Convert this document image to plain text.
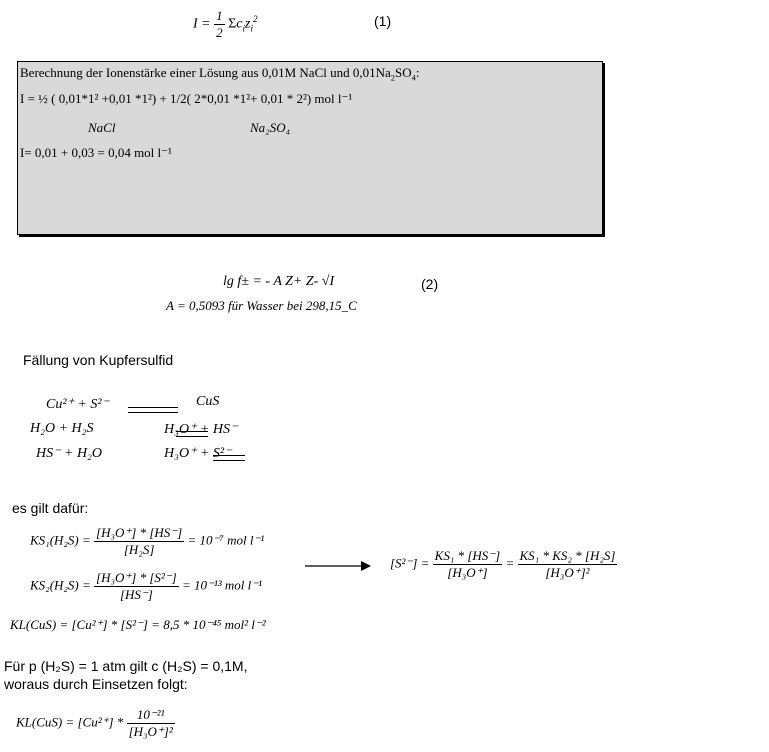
$I = \frac{1}{2} \Sigma c_iz_i^2$	(1)
Berechnung der Ionenstärke einer Lösung aus 0,01M NaCl und $0,01Na_2SO_4$:
I = ½ ( 0,01*1² +0,01 *1²) + 1/2( 2*0,01 *1²+ 0,01 * 2²) mol l⁻¹
NaCl	Na₂SO₄
I= 0,01 + 0,03 = 0,04 mol l⁻¹
lg f± = - A Z+ Z- √I	(2)
A = 0,5093 für Wasser bei 298,15_C
Fällung von Kupfersulfid
Cu²⁺ + S²⁻
	CuS
H₂O + H₂S
	H₃O⁺ + HS⁻
HS⁻ + H₂O	H₃O⁺ + S²⁻
es gilt dafür:
$KS_1(H_2S) = \frac{\text{[H₃O⁺] * [HS⁻]}}{\text{[H₂S]}} = 10^{-7}$ mol l⁻¹
$KS_2(H_2S) = \frac{\text{[H₃O⁺] * [S²⁻]}}{[HS^-]} = 10^{-13}$ mol l⁻¹
KL(CuS) = [Cu²⁺] * [S²⁻] = 8,5 * 10⁻⁴⁵ mol² l⁻²
$[S^{2-}] = \frac{\text{KS₁ * [HS⁻]}}{\text{[H₃O⁺]}} = \frac{\text{KS₁ * KS₂ * [H₂S]}}{\text{[H₃O⁺]²}}$
Für p (H₂S) = 1 atm gilt c (H₂S) = 0,1M,
woraus durch Einsetzen folgt:
$KL(CuS) = [Cu^{2+}] * \frac{\text{10⁻²¹}}{\text{[H₃O⁺]²}}$
